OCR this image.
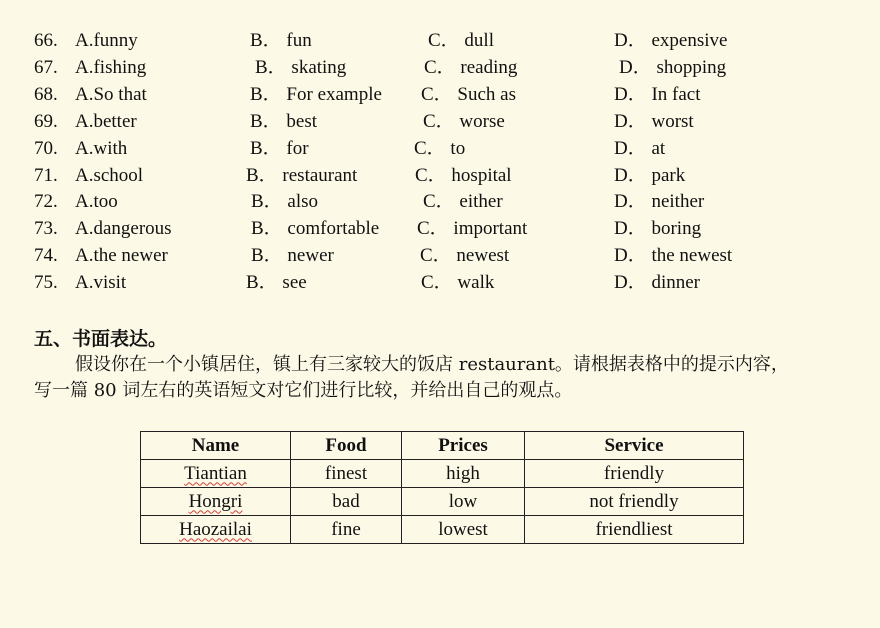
66. A.funny	B． fun	C． dull	D． expensive
67. A.fishing	B． skating	C． reading	D． shopping
68. A.So that	B． For example C． Such as	D． In fact
69. A.better	B． best	C． worse	D． worst
70. A.with	B． for	C． to	D． at
71. A.school	B． restaurant	C． hospital	D． park
72. A.too	B． also	C． either	D． neither
73. A.dangerous	B． comfortable C． important	D． boring
74. A.the newer	B． newer	C． newest	D． the newest
75. A.visit	B． see	C． walk	D． dinner
五、书面表达。
假设你在一个小镇居住，镇上有三家较大的饭店 restaurant。请根据表格中的提示内容，
写一篇 80 词左右的英语短文对它们进行比较，并给出自己的观点。
Name	Food	Prices	Service
Tiantian	finest	high	friendly
Hongri	bad	low	not friendly
Haozailai	fine	lowest	friendliest
